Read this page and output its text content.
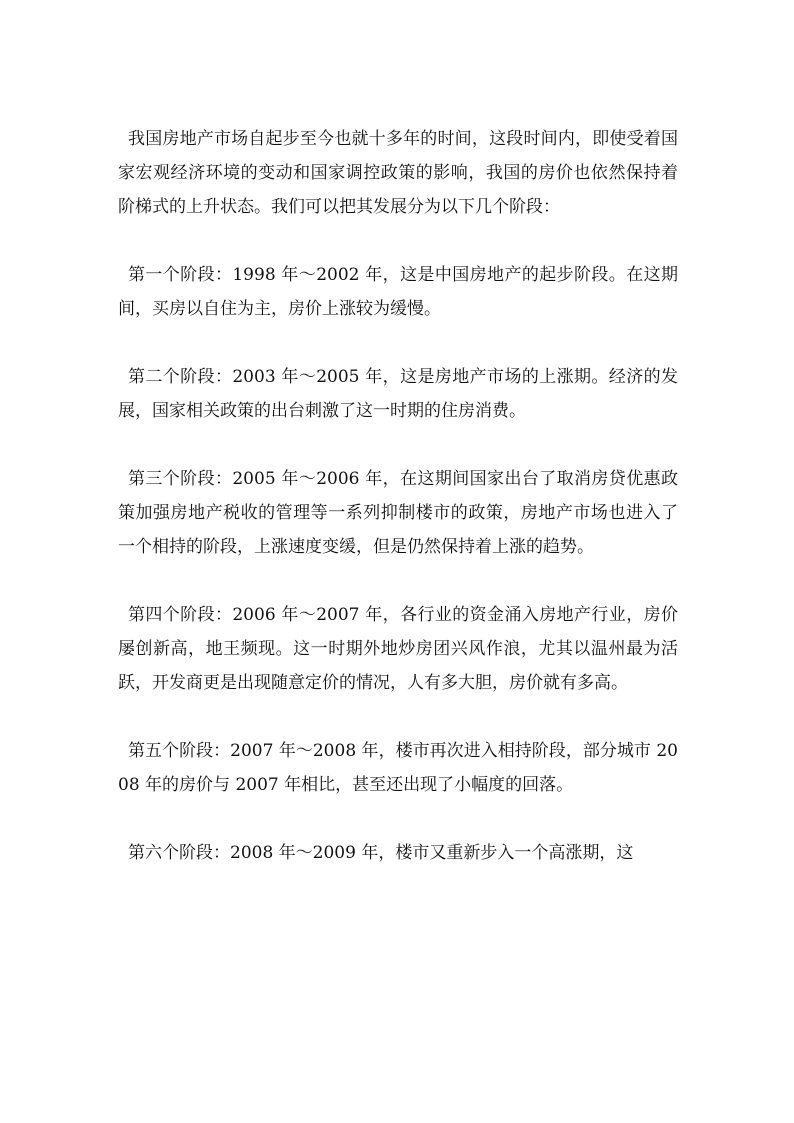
我国房地产市场自起步至今也就十多年的时间，这段时间内，即使受着国家宏观经济环境的变动和国家调控政策的影响，我国的房价也依然保持着阶梯式的上升状态。我们可以把其发展分为以下几个阶段：

第一个阶段：1998 年～2002 年，这是中国房地产的起步阶段。在这期间，买房以自住为主，房价上涨较为缓慢。

第二个阶段：2003 年～2005 年，这是房地产市场的上涨期。经济的发展，国家相关政策的出台刺激了这一时期的住房消费。

第三个阶段：2005 年～2006 年，在这期间国家出台了取消房贷优惠政策加强房地产税收的管理等一系列抑制楼市的政策，房地产市场也进入了一个相持的阶段，上涨速度变缓，但是仍然保持着上涨的趋势。

第四个阶段：2006 年～2007 年，各行业的资金涌入房地产行业，房价屡创新高，地王频现。这一时期外地炒房团兴风作浪，尤其以温州最为活跃，开发商更是出现随意定价的情况，人有多大胆，房价就有多高。

第五个阶段：2007 年～2008 年，楼市再次进入相持阶段，部分城市 2008 年的房价与 2007 年相比，甚至还出现了小幅度的回落。

第六个阶段：2008 年～2009 年，楼市又重新步入一个高涨期，这
